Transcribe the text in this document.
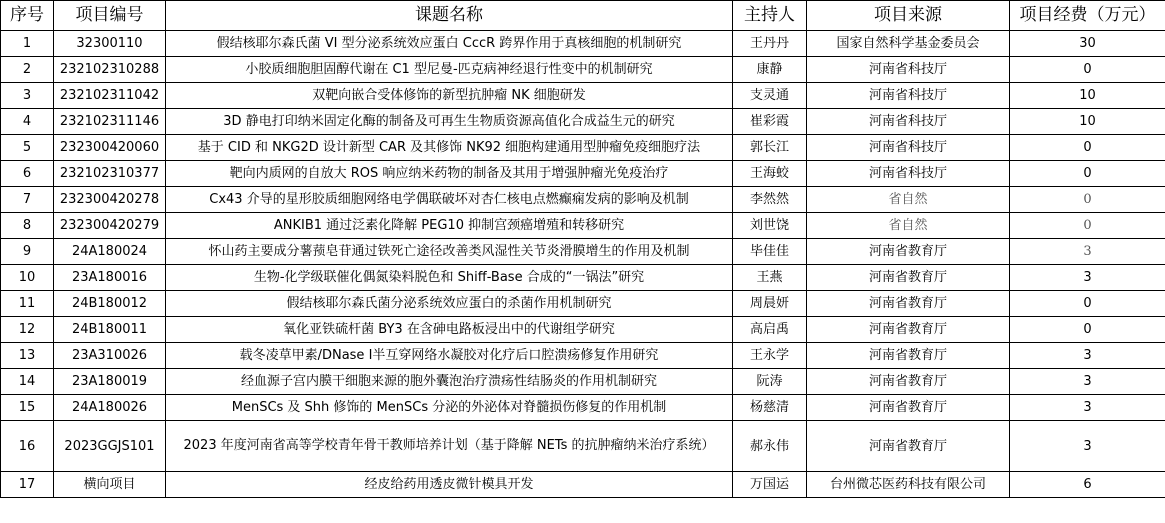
序号	项目编号	课题名称	主持人	项目来源	项目经费（万元）
1	32300110	假结核耶尔森氏菌 VI 型分泌系统效应蛋白 CccR 跨界作用于真核细胞的机制研究	王丹丹	国家自然科学基金委员会	30
2	232102310288	小胶质细胞胆固醇代谢在 C1 型尼曼-匹克病神经退行性变中的机制研究	康静	河南省科技厅	0
3	232102311042	双靶向嵌合受体修饰的新型抗肿瘤 NK 细胞研发	支灵通	河南省科技厅	10
4	232102311146	3D 静电打印纳米固定化酶的制备及可再生生物质资源高值化合成益生元的研究	崔彩霞	河南省科技厅	10
5	232300420060	基于 CID 和 NKG2D 设计新型 CAR 及其修饰 NK92 细胞构建通用型肿瘤免疫细胞疗法	郭长江	河南省科技厅	0
6	232102310377	靶向内质网的自放大 ROS 响应纳米药物的制备及其用于增强肿瘤光免疫治疗	王海蛟	河南省科技厅	0
7	232300420278	Cx43 介导的星形胶质细胞网络电学偶联破坏对杏仁核电点燃癫痫发病的影响及机制	李然然	省自然	0
8	232300420279	ANKIB1 通过泛素化降解 PEG10 抑制宫颈癌增殖和转移研究	刘世饶	省自然	0
9	24A180024	怀山药主要成分薯蓣皂苷通过铁死亡途径改善类风湿性关节炎滑膜增生的作用及机制	毕佳佳	河南省教育厅	3
10	23A180016	生物-化学级联催化偶氮染料脱色和 Shiff-Base 合成的“一锅法”研究	王燕	河南省教育厅	3
11	24B180012	假结核耶尔森氏菌分泌系统效应蛋白的杀菌作用机制研究	周晨妍	河南省教育厅	0
12	24B180011	氧化亚铁硫杆菌 BY3 在含砷电路板浸出中的代谢组学研究	高启禹	河南省教育厅	0
13	23A310026	载冬凌草甲素/DNase Ⅰ半互穿网络水凝胶对化疗后口腔溃疡修复作用研究	王永学	河南省教育厅	3
14	23A180019	经血源子宫内膜干细胞来源的胞外囊泡治疗溃疡性结肠炎的作用机制研究	阮涛	河南省教育厅	3
15	24A180026	MenSCs 及 Shh 修饰的 MenSCs 分泌的外泌体对脊髓损伤修复的作用机制	杨慈清	河南省教育厅	3
16	2023GGJS101	2023 年度河南省高等学校青年骨干教师培养计划（基于降解 NETs 的抗肿瘤纳米治疗系统）	郝永伟	河南省教育厅	3
17	横向项目	经皮给药用透皮微针模具开发	万国运	台州微芯医药科技有限公司	6
